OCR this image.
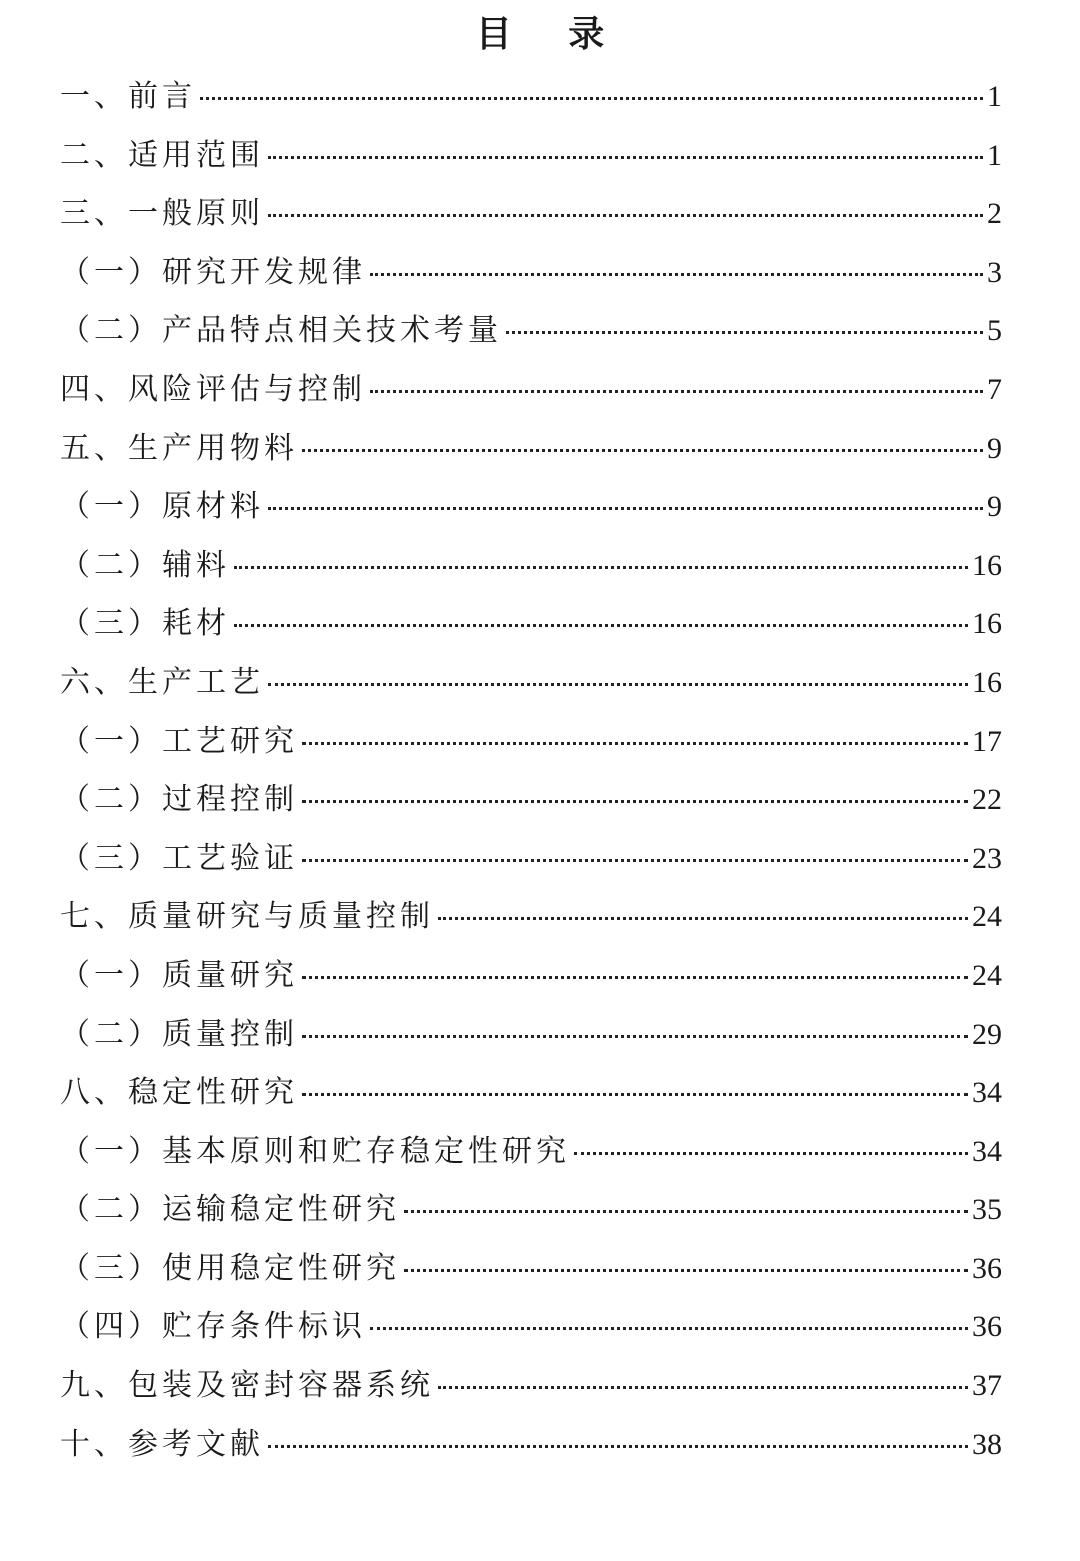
目 录
一、前言	1
二、适用范围	1
三、一般原则	2
（一）研究开发规律	3
（二）产品特点相关技术考量	5
四、风险评估与控制	7
五、生产用物料	9
（一）原材料	9
（二）辅料	16
（三）耗材	16
六、生产工艺	16
（一）工艺研究	17
（二）过程控制	22
（三）工艺验证	23
七、质量研究与质量控制	24
（一）质量研究	24
（二）质量控制	29
八、稳定性研究	34
（一）基本原则和贮存稳定性研究	34
（二）运输稳定性研究	35
（三）使用稳定性研究	36
（四）贮存条件标识	36
九、包装及密封容器系统	37
十、参考文献	38
